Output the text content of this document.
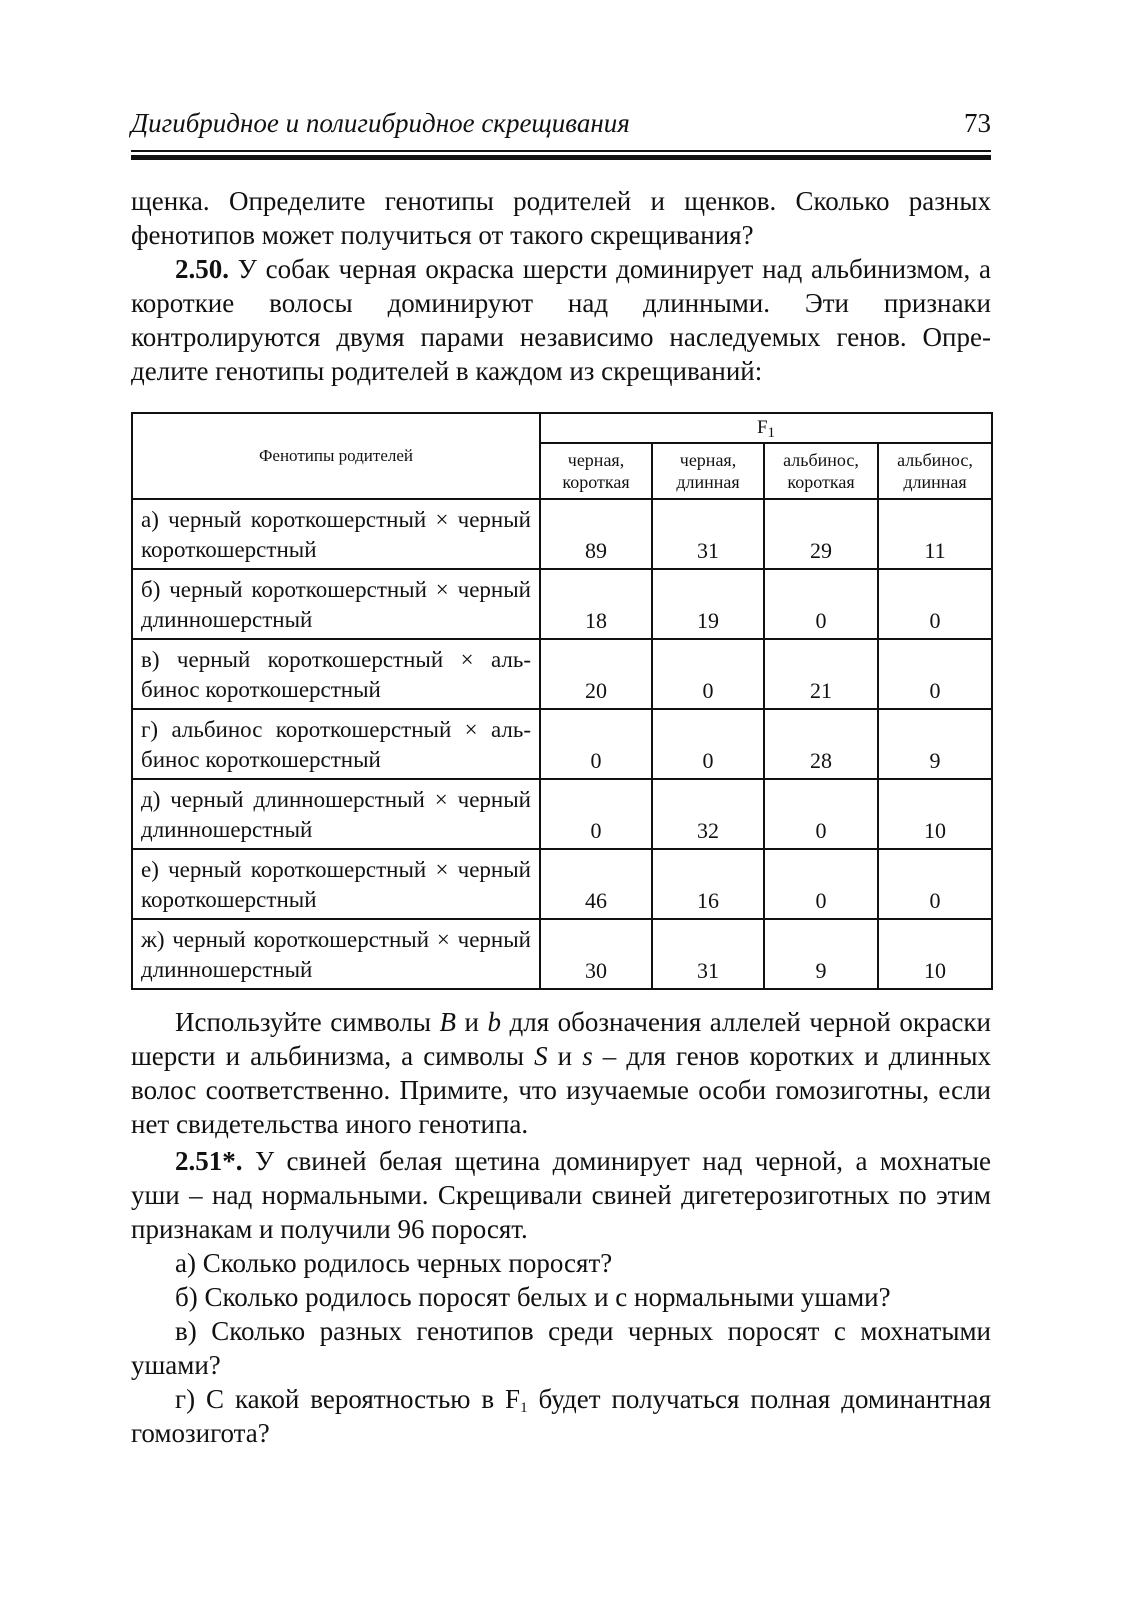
Дигибридное и полигибридное скрещивания	73

щенка. Определите генотипы родителей и щенков. Сколько разных

фенотипов может получиться от такого скрещивания?

2.50. У собак черная окраска шерсти доминирует над альбинизмом, а короткие волосы доминируют над длинными. Эти признаки контролируются двумя парами независимо наследуемых генов. Определите генотипы родителей в каждом из скрещиваний:

Фенотипы родителей	$F_1$
	черная, короткая	черная, длинная	альбинос, короткая	альбинос, длинная
а) черный короткошерстный × черный короткошерстный	89	31	29	11
б) черный короткошерстный × черный длинношерстный	18	19	0	0
в) черный короткошерстный × альбинос короткошерстный	20	0	21	0
г) альбинос короткошерстный × альбинос короткошерстный	0	0	28	9
д) черный длинношерстный × черный длинношерстный	0	32	0	10
е) черный короткошерстный × черный короткошерстный	46	16	0	0
ж) черный короткошерстный × черный длинношерстный	30	31	9	10

Используйте символы B и b для обозначения аллелей черной окраски шерсти и альбинизма, а символы S и s – для генов коротких и длинных волос соответственно. Примите, что изучаемые особи гомозиготны, если нет свидетельства иного генотипа.

2.51*. У свиней белая щетина доминирует над черной, а мохнатые уши – над нормальными. Скрещивали свиней дигетерозиготных по этим признакам и получили 96 поросят.

а) Сколько родилось черных поросят?

б) Сколько родилось поросят белых и с нормальными ушами?

в) Сколько разных генотипов среди черных поросят с мохнатыми ушами?

г) С какой вероятностью в $F_1$ будет получаться полная доминантная гомозигота?
